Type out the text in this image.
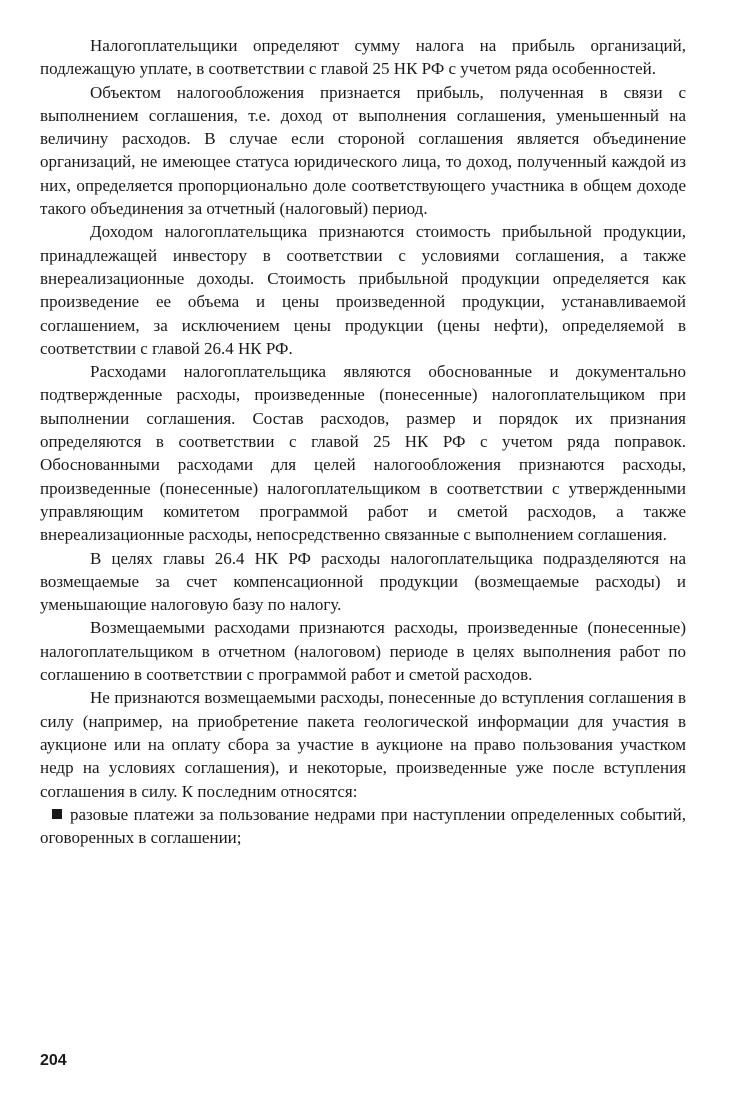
Налогоплательщики определяют сумму налога на прибыль организаций, подлежащую уплате, в соответствии с главой 25 НК РФ с учетом ряда особенностей.

Объектом налогообложения признается прибыль, полученная в связи с выполнением соглашения, т.е. доход от выполнения соглашения, уменьшенный на величину расходов. В случае если стороной соглашения является объединение организаций, не имеющее статуса юридического лица, то доход, полученный каждой из них, определяется пропорционально доле соответствующего участника в общем доходе такого объединения за отчетный (налоговый) период.

Доходом налогоплательщика признаются стоимость прибыльной продукции, принадлежащей инвестору в соответствии с условиями соглашения, а также внереализационные доходы. Стоимость прибыльной продукции определяется как произведение ее объема и цены произведенной продукции, устанавливаемой соглашением, за исключением цены продукции (цены нефти), определяемой в соответствии с главой 26.4 НК РФ.

Расходами налогоплательщика являются обоснованные и документально подтвержденные расходы, произведенные (понесенные) налогоплательщиком при выполнении соглашения. Состав расходов, размер и порядок их признания определяются в соответствии с главой 25 НК РФ с учетом ряда поправок. Обоснованными расходами для целей налогообложения признаются расходы, произведенные (понесенные) налогоплательщиком в соответствии с утвержденными управляющим комитетом программой работ и сметой расходов, а также внереализационные расходы, непосредственно связанные с выполнением соглашения.

В целях главы 26.4 НК РФ расходы налогоплательщика подразделяются на возмещаемые за счет компенсационной продукции (возмещаемые расходы) и уменьшающие налоговую базу по налогу.

Возмещаемыми расходами признаются расходы, произведенные (понесенные) налогоплательщиком в отчетном (налоговом) периоде в целях выполнения работ по соглашению в соответствии с программой работ и сметой расходов.

Не признаются возмещаемыми расходы, понесенные до вступления соглашения в силу (например, на приобретение пакета геологической информации для участия в аукционе или на оплату сбора за участие в аукционе на право пользования участком недр на условиях соглашения), и некоторые, произведенные уже после вступления соглашения в силу. К последним относятся:

разовые платежи за пользование недрами при наступлении определенных событий, оговоренных в соглашении;

204
